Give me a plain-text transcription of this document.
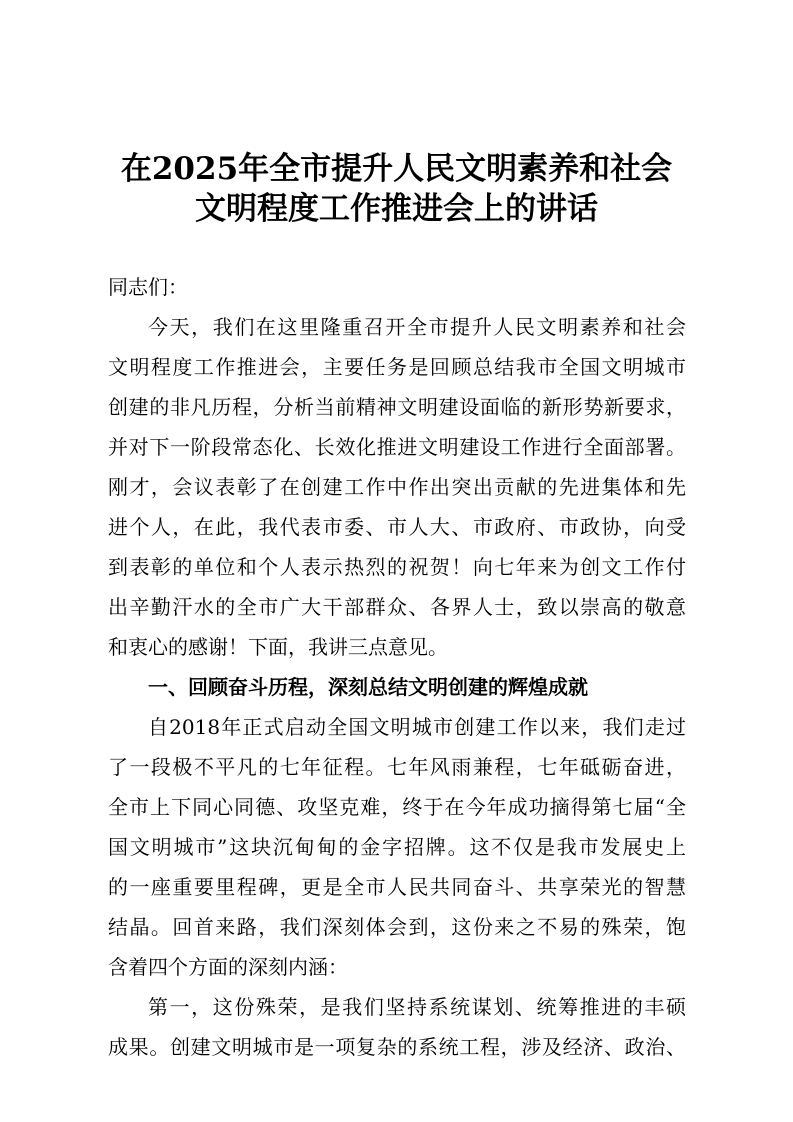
在2025年全市提升人民文明素养和社会
文明程度工作推进会上的讲话
同志们：
今天，我们在这里隆重召开全市提升人民文明素养和社会
文明程度工作推进会，主要任务是回顾总结我市全国文明城市
创建的非凡历程，分析当前精神文明建设面临的新形势新要求，
并对下一阶段常态化、长效化推进文明建设工作进行全面部署。
刚才，会议表彰了在创建工作中作出突出贡献的先进集体和先
进个人，在此，我代表市委、市人大、市政府、市政协，向受
到表彰的单位和个人表示热烈的祝贺！向七年来为创文工作付
出辛勤汗水的全市广大干部群众、各界人士，致以崇高的敬意
和衷心的感谢！下面，我讲三点意见。
一、回顾奋斗历程，深刻总结文明创建的辉煌成就
自2018年正式启动全国文明城市创建工作以来，我们走过
了一段极不平凡的七年征程。七年风雨兼程，七年砥砺奋进，
全市上下同心同德、攻坚克难，终于在今年成功摘得第七届“全
国文明城市”这块沉甸甸的金字招牌。这不仅是我市发展史上
的一座重要里程碑，更是全市人民共同奋斗、共享荣光的智慧
结晶。回首来路，我们深刻体会到，这份来之不易的殊荣，饱
含着四个方面的深刻内涵：
第一，这份殊荣，是我们坚持系统谋划、统筹推进的丰硕
成果。创建文明城市是一项复杂的系统工程，涉及经济、政治、
